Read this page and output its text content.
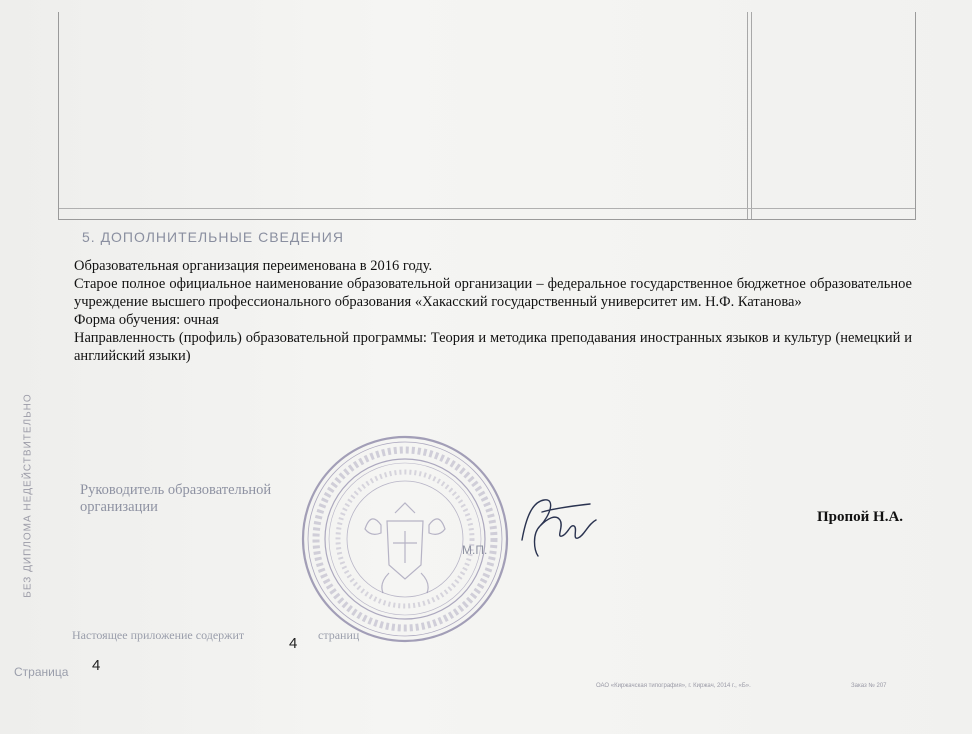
5. ДОПОЛНИТЕЛЬНЫЕ СВЕДЕНИЯ

Образовательная организация переименована в 2016 году.

Старое полное официальное наименование образовательной организации – федеральное государственное бюджетное образовательное учреждение высшего профессионального образования «Хакасский государственный университет им. Н.Ф. Катанова»

Форма обучения: очная

Направленность (профиль) образовательной программы: Теория и методика преподавания иностранных языков и культур (немецкий и английский языки)

БЕЗ ДИПЛОМА НЕДЕЙСТВИТЕЛЬНО	Руководитель образовательной организации
М.П.
Пропой Н.А.
Настоящее приложение содержит	4 страниц
Страница 4
ОАО «Киржачская типография», г. Киржач, 2014 г., «Б».	Заказ № 207
